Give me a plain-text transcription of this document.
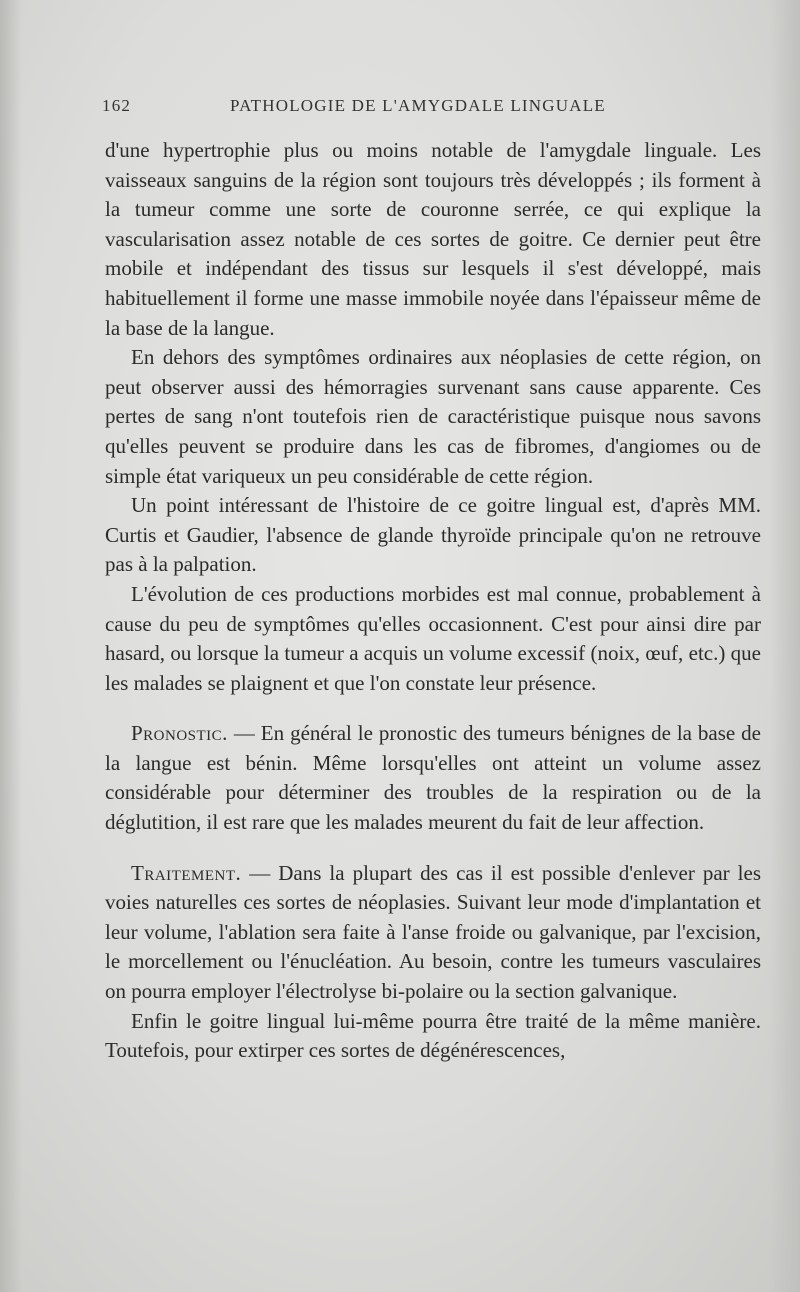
162	PATHOLOGIE DE L'AMYGDALE LINGUALE

d'une hypertrophie plus ou moins notable de l'amygdale linguale. Les vaisseaux sanguins de la région sont toujours très développés ; ils forment à la tumeur comme une sorte de couronne serrée, ce qui explique la vascularisation assez notable de ces sortes de goitre. Ce dernier peut être mobile et indépendant des tissus sur lesquels il s'est développé, mais habituellement il forme une masse immobile noyée dans l'épaisseur même de la base de la langue.

En dehors des symptômes ordinaires aux néoplasies de cette région, on peut observer aussi des hémorragies survenant sans cause apparente. Ces pertes de sang n'ont toutefois rien de caractéristique puisque nous savons qu'elles peuvent se produire dans les cas de fibromes, d'angiomes ou de simple état variqueux un peu considérable de cette région.

Un point intéressant de l'histoire de ce goitre lingual est, d'après MM. Curtis et Gaudier, l'absence de glande thyroïde principale qu'on ne retrouve pas à la palpation.

L'évolution de ces productions morbides est mal connue, probablement à cause du peu de symptômes qu'elles occasionnent. C'est pour ainsi dire par hasard, ou lorsque la tumeur a acquis un volume excessif (noix, œuf, etc.) que les malades se plaignent et que l'on constate leur présence.

Pronostic. — En général le pronostic des tumeurs bénignes de la base de la langue est bénin. Même lorsqu'elles ont atteint un volume assez considérable pour déterminer des troubles de la respiration ou de la déglutition, il est rare que les malades meurent du fait de leur affection.

Traitement. — Dans la plupart des cas il est possible d'enlever par les voies naturelles ces sortes de néoplasies. Suivant leur mode d'implantation et leur volume, l'ablation sera faite à l'anse froide ou galvanique, par l'excision, le morcellement ou l'énucléation. Au besoin, contre les tumeurs vasculaires on pourra employer l'électrolyse bi-polaire ou la section galvanique.

Enfin le goitre lingual lui-même pourra être traité de la même manière. Toutefois, pour extirper ces sortes de dégénérescences,
